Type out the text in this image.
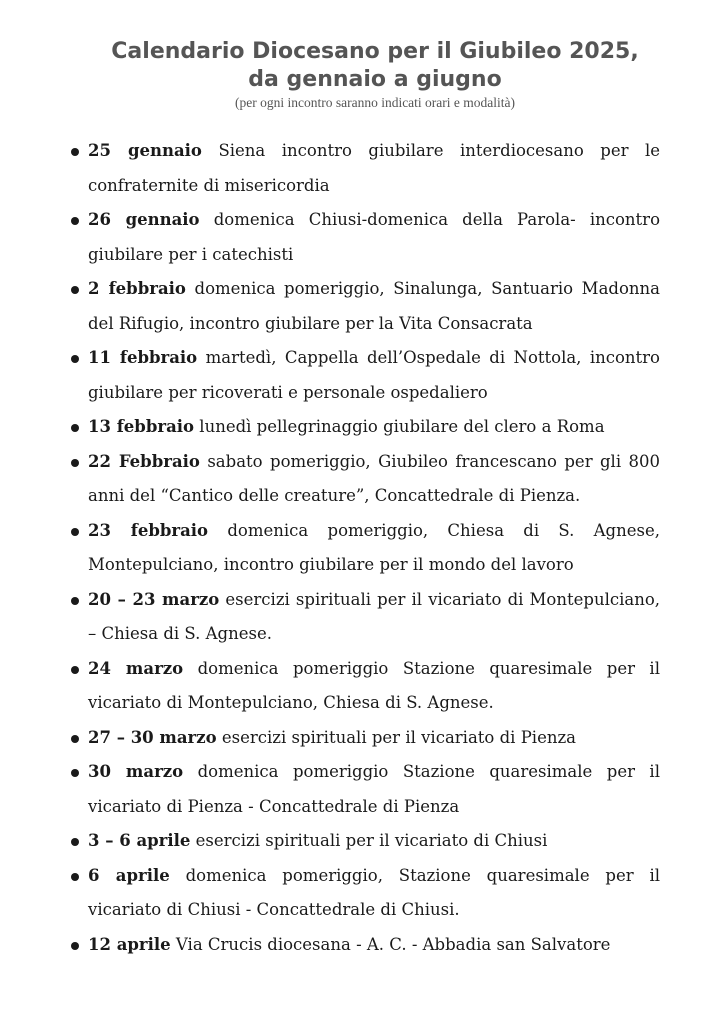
Calendario Diocesano per il Giubileo 2025,

da gennaio a giugno

(per ogni incontro saranno indicati orari e modalità)

25 gennaio Siena incontro giubilare interdiocesano per le confraternite di misericordia
26 gennaio domenica Chiusi-domenica della Parola- incontro giubilare per i catechisti
2 febbraio domenica pomeriggio, Sinalunga, Santuario Madonna del Rifugio, incontro giubilare per la Vita Consacrata
11 febbraio martedì, Cappella dell’Ospedale di Nottola, incontro giubilare per ricoverati e personale ospedaliero
13 febbraio lunedì pellegrinaggio giubilare del clero a Roma
22 Febbraio sabato pomeriggio, Giubileo francescano per gli 800 anni del “Cantico delle creature”, Concattedrale di Pienza.
23 febbraio domenica pomeriggio, Chiesa di S. Agnese, Montepulciano, incontro giubilare per il mondo del lavoro
20 – 23 marzo esercizi spirituali per il vicariato di Montepulciano, – Chiesa di S. Agnese.
24 marzo domenica pomeriggio Stazione quaresimale per il vicariato di Montepulciano, Chiesa di S. Agnese.
27 – 30 marzo esercizi spirituali per il vicariato di Pienza
30 marzo domenica pomeriggio Stazione quaresimale per il vicariato di Pienza - Concattedrale di Pienza
3 – 6 aprile esercizi spirituali per il vicariato di Chiusi
6 aprile domenica pomeriggio, Stazione quaresimale per il vicariato di Chiusi - Concattedrale di Chiusi.
12 aprile Via Crucis diocesana - A. C. - Abbadia san Salvatore
